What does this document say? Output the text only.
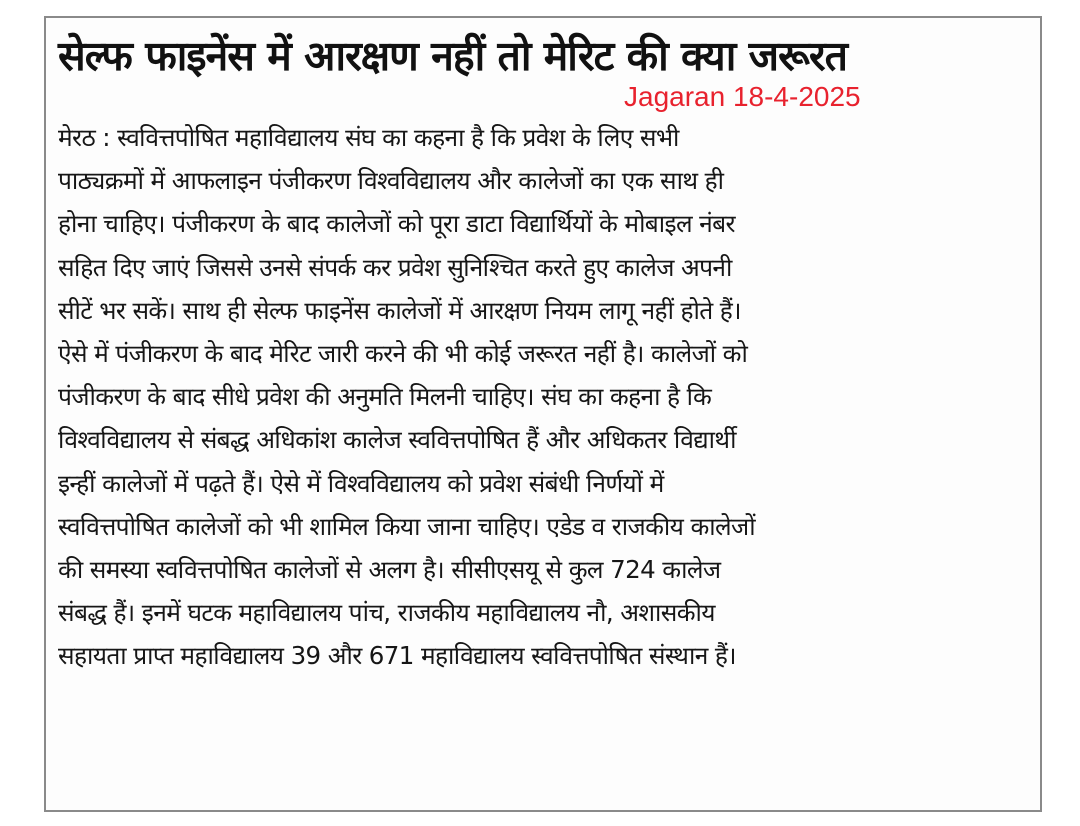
सेल्फ फाइनेंस में आरक्षण नहीं तो मेरिट की क्या जरूरत
Jagaran 18-4-2025
मेरठ : स्ववित्तपोषित महाविद्यालय संघ का कहना है कि प्रवेश के लिए सभी
पाठ्यक्रमों में आफलाइन पंजीकरण विश्वविद्यालय और कालेजों का एक साथ ही
होना चाहिए। पंजीकरण के बाद कालेजों को पूरा डाटा विद्यार्थियों के मोबाइल नंबर
सहित दिए जाएं जिससे उनसे संपर्क कर प्रवेश सुनिश्चित करते हुए कालेज अपनी
सीटें भर सकें। साथ ही सेल्फ फाइनेंस कालेजों में आरक्षण नियम लागू नहीं होते हैं।
ऐसे में पंजीकरण के बाद मेरिट जारी करने की भी कोई जरूरत नहीं है। कालेजों को
पंजीकरण के बाद सीधे प्रवेश की अनुमति मिलनी चाहिए। संघ का कहना है कि
विश्वविद्यालय से संबद्ध अधिकांश कालेज स्ववित्तपोषित हैं और अधिकतर विद्यार्थी
इन्हीं कालेजों में पढ़ते हैं। ऐसे में विश्वविद्यालय को प्रवेश संबंधी निर्णयों में
स्ववित्तपोषित कालेजों को भी शामिल किया जाना चाहिए। एडेड व राजकीय कालेजों
की समस्या स्ववित्तपोषित कालेजों से अलग है। सीसीएसयू से कुल 724 कालेज
संबद्ध हैं। इनमें घटक महाविद्यालय पांच, राजकीय महाविद्यालय नौ, अशासकीय
सहायता प्राप्त महाविद्यालय 39 और 671 महाविद्यालय स्ववित्तपोषित संस्थान हैं।
